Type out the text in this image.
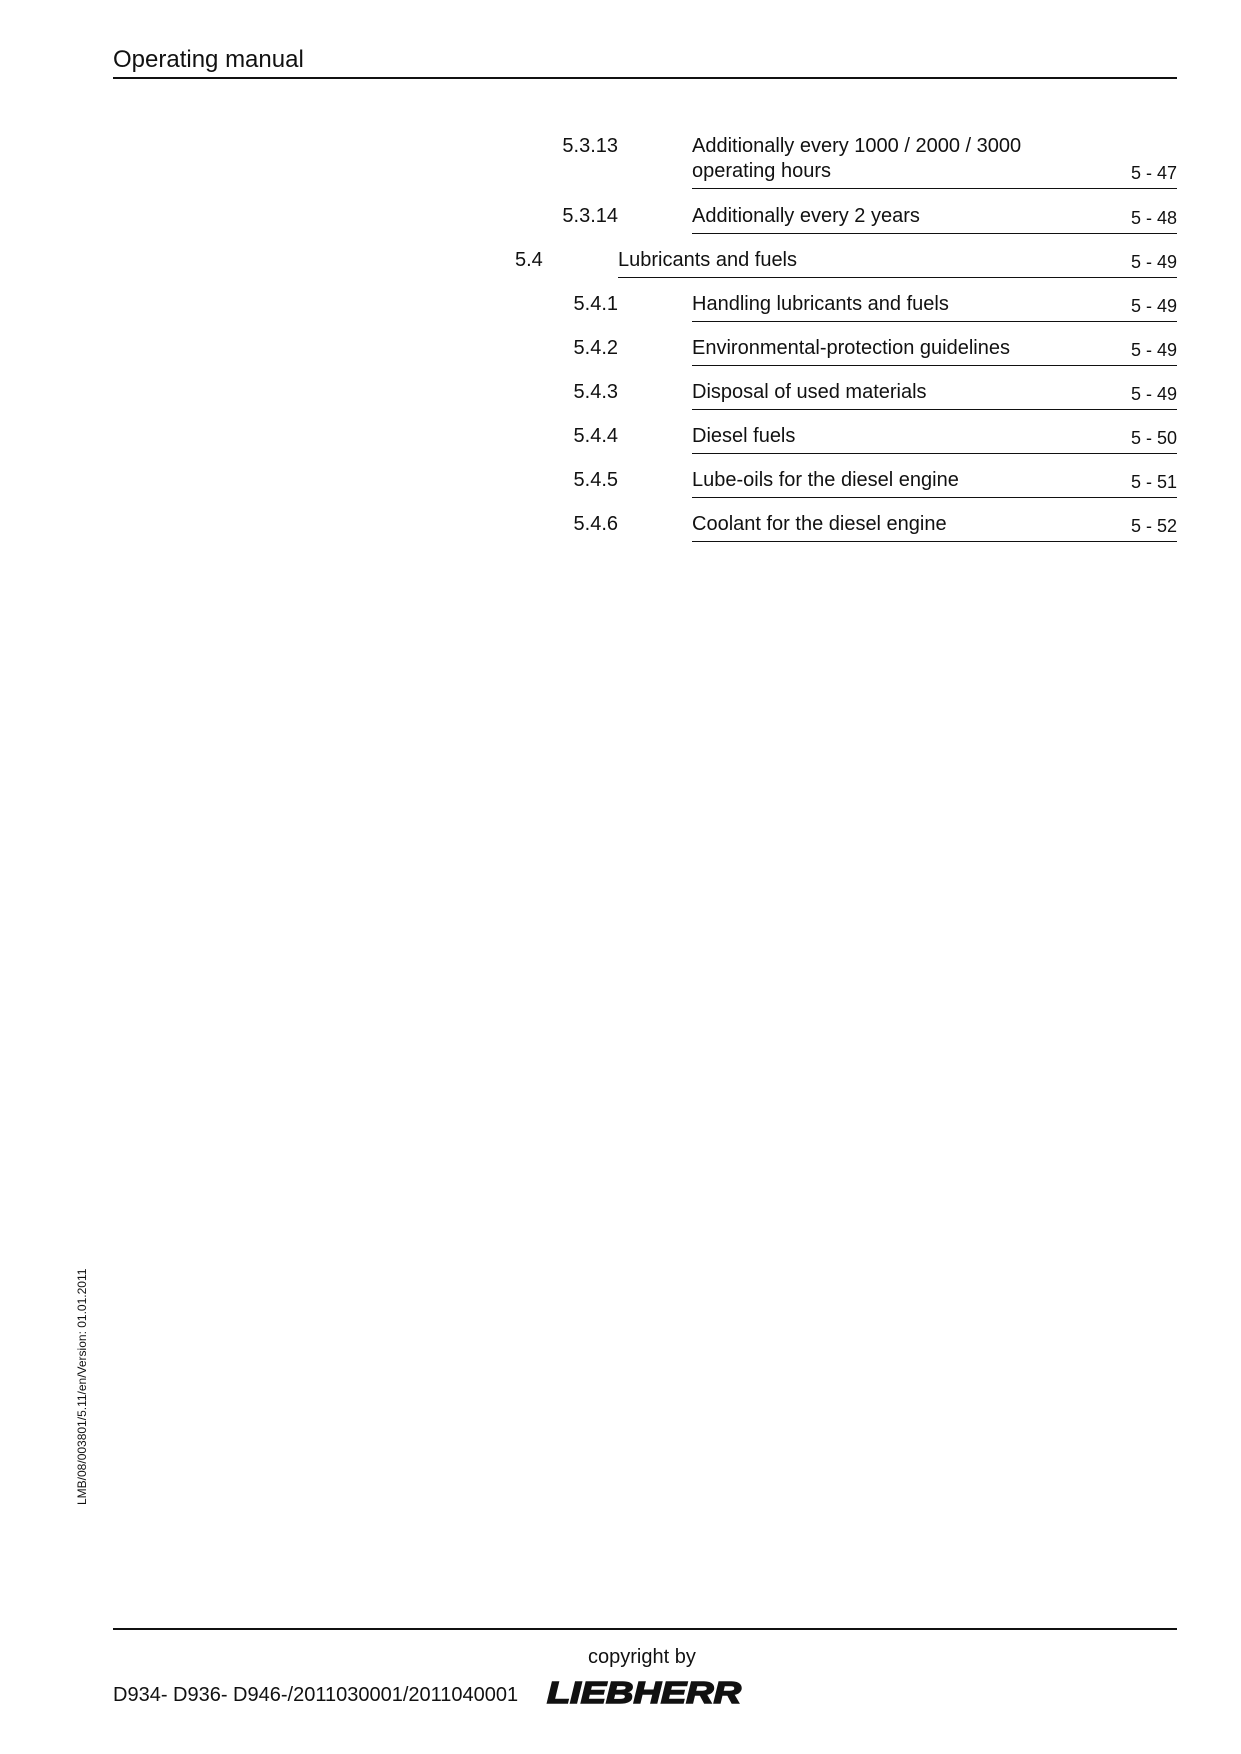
Operating manual
5.3.13	Additionally every 1000 / 2000 / 3000
operating hours	5 - 47
5.3.14	Additionally every 2 years	5 - 48
5.4	Lubricants and fuels	5 - 49
5.4.1	Handling lubricants and fuels	5 - 49
5.4.2	Environmental-protection guidelines	5 - 49
5.4.3	Disposal of used materials	5 - 49
5.4.4	Diesel fuels	5 - 50
5.4.5	Lube-oils for the diesel engine	5 - 51
5.4.6	Coolant for the diesel engine	5 - 52
LMB/08/003801/5.11/en/Version: 01.01.2011
copyright by
D934- D936- D946-/2011030001/2011040001 LIEBHERR
